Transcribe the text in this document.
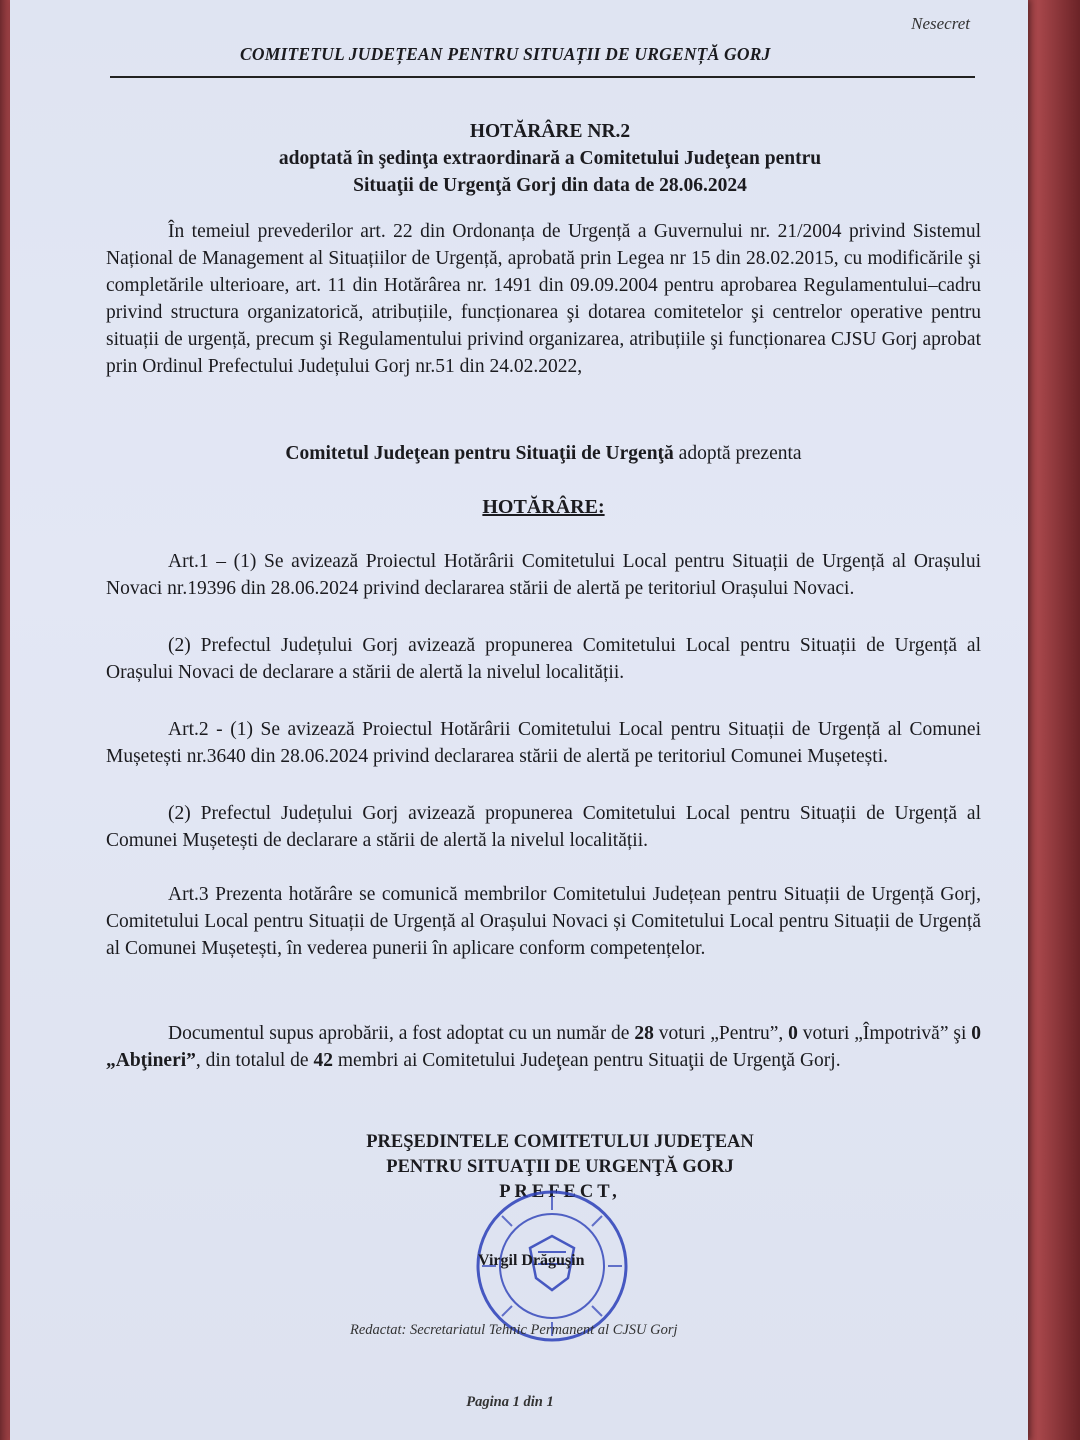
Nesecret
COMITETUL JUDEȚEAN PENTRU SITUAȚII DE URGENȚĂ GORJ
HOTĂRÂRE NR.2
adoptată în şedinţa extraordinară a Comitetului Judeţean pentru
Situaţii de Urgenţă Gorj din data de 28.06.2024
În temeiul prevederilor art. 22 din Ordonanța de Urgență a Guvernului nr. 21/2004 privind Sistemul Național de Management al Situațiilor de Urgență, aprobată prin Legea nr 15 din 28.02.2015, cu modificările şi completările ulterioare, art. 11 din Hotărârea nr. 1491 din 09.09.2004 pentru aprobarea Regulamentului–cadru privind structura organizatorică, atribuțiile, funcționarea şi dotarea comitetelor şi centrelor operative pentru situații de urgență, precum şi Regulamentului privind organizarea, atribuțiile şi funcționarea CJSU Gorj aprobat prin Ordinul Prefectului Județului Gorj nr.51 din 24.02.2022,
Comitetul Judeţean pentru Situaţii de Urgenţă adoptă prezenta
HOTĂRÂRE:
Art.1 – (1) Se avizează Proiectul Hotărârii Comitetului Local pentru Situații de Urgență al Orașului Novaci nr.19396 din 28.06.2024 privind declararea stării de alertă pe teritoriul Orașului Novaci.
(2) Prefectul Județului Gorj avizează propunerea Comitetului Local pentru Situații de Urgență al Orașului Novaci de declarare a stării de alertă la nivelul localității.
Art.2 - (1) Se avizează Proiectul Hotărârii Comitetului Local pentru Situații de Urgență al Comunei Mușetești nr.3640 din 28.06.2024 privind declararea stării de alertă pe teritoriul Comunei Mușetești.
(2) Prefectul Județului Gorj avizează propunerea Comitetului Local pentru Situații de Urgență al Comunei Mușetești de declarare a stării de alertă la nivelul localității.
Art.3 Prezenta hotărâre se comunică membrilor Comitetului Județean pentru Situații de Urgență Gorj, Comitetului Local pentru Situații de Urgență al Orașului Novaci și Comitetului Local pentru Situații de Urgență al Comunei Mușetești, în vederea punerii în aplicare conform competențelor.
Documentul supus aprobării, a fost adoptat cu un număr de 28 voturi „Pentru”, 0 voturi „Împotrivă” şi 0 „Abţineri”, din totalul de 42 membri ai Comitetului Judeţean pentru Situaţii de Urgenţă Gorj.
PREŞEDINTELE COMITETULUI JUDEŢEAN
PENTRU SITUAŢII DE URGENŢĂ GORJ
PREFECT,
Virgil Drăguşin
Redactat: Secretariatul Tehnic Permanent al CJSU Gorj
Pagina 1 din 1
